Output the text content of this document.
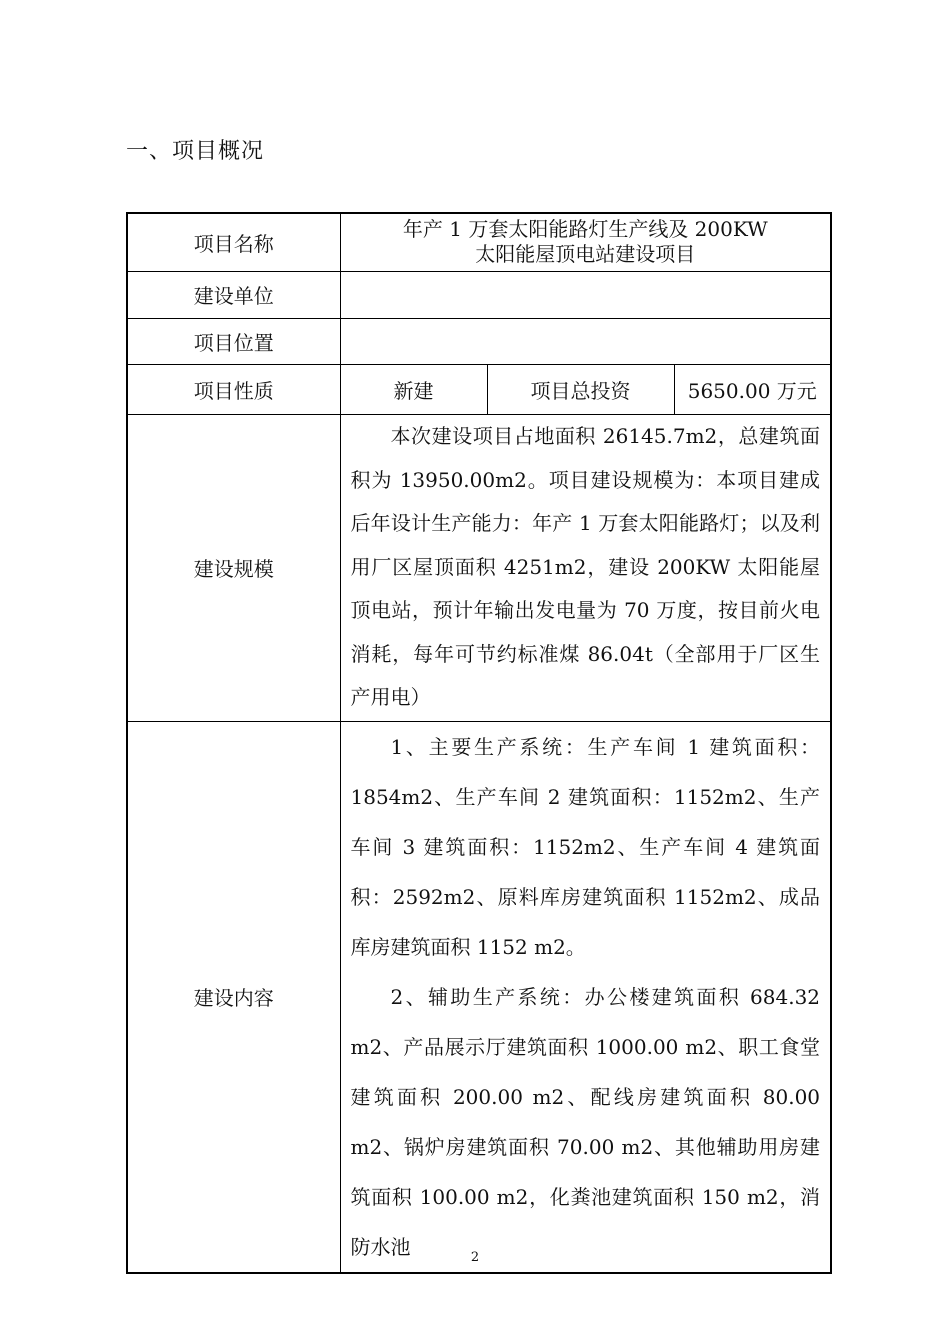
一、项目概况
项目名称	年产 1 万套太阳能路灯生产线及 200KW
太阳能屋顶电站建设项目		

建设单位			
项目位置			
项目性质	新建	项目总投资	5650.00 万元
建设规模	本次建设项目占地面积 26145.7m2，总建筑面积为 13950.00m2。项目建设规模为：本项目建成后年设计生产能力：年产 1 万套太阳能路灯；以及利用厂区屋顶面积 4251m2，建设 200KW 太阳能屋顶电站，预计年输出发电量为 70 万度，按目前火电消耗，每年可节约标准煤 86.04t（全部用于厂区生产用电）		

建设内容	1、主要生产系统：生产车间 1 建筑面积：1854m2、生产车间 2 建筑面积：1152m2、生产车间 3 建筑面积：1152m2、生产车间 4 建筑面积：2592m2、原料库房建筑面积 1152m2、成品库房建筑面积 1152 m2。

2、辅助生产系统：办公楼建筑面积 684.32 m2、产品展示厅建筑面积 1000.00 m2、职工食堂建筑面积 200.00 m2、配线房建筑面积 80.00 m2、锅炉房建筑面积 70.00 m2、其他辅助用房建筑面积 100.00 m2，化粪池建筑面积 150 m2，消防水池			2
